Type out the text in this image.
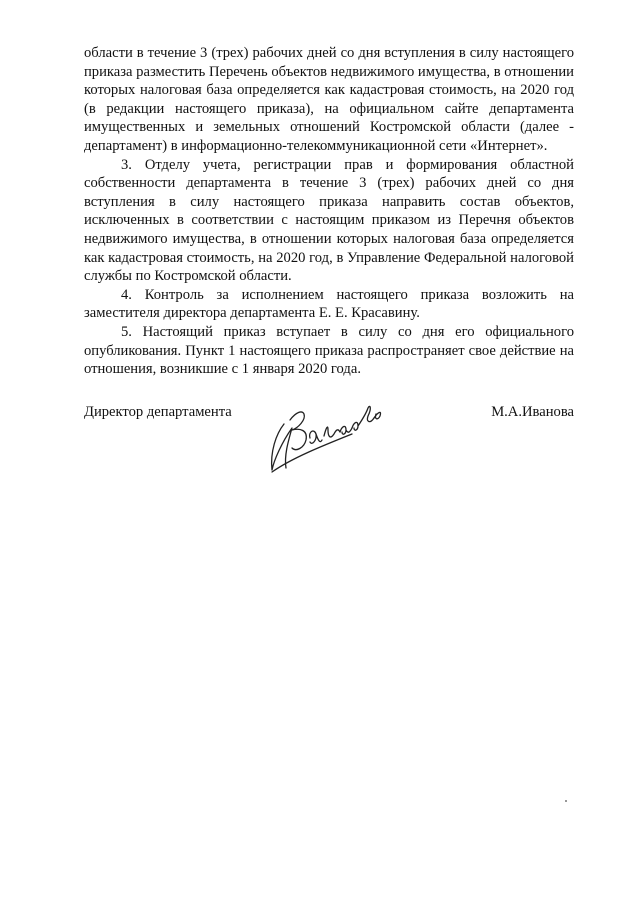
области в течение 3 (трех) рабочих дней со дня вступления в силу настоящего приказа разместить Перечень объектов недвижимого имущества, в отношении которых налоговая база определяется как кадастровая стоимость, на 2020 год (в редакции настоящего приказа), на официальном сайте департамента имущественных и земельных отношений Костромской области (далее - департамент) в информационно-телекоммуникационной сети «Интернет».

3. Отделу учета, регистрации прав и формирования областной собственности департамента в течение 3 (трех) рабочих дней со дня вступления в силу настоящего приказа направить состав объектов, исключенных в соответствии с настоящим приказом из Перечня объектов недвижимого имущества, в отношении которых налоговая база определяется как кадастровая стоимость, на 2020 год, в Управление Федеральной налоговой службы по Костромской области.

4. Контроль за исполнением настоящего приказа возложить на заместителя директора департамента Е. Е. Красавину.

5. Настоящий приказ вступает в силу со дня его официального опубликования. Пункт 1 настоящего приказа распространяет свое действие на отношения, возникшие с 1 января 2020 года.

Директор департамента	М.А.Иванова
